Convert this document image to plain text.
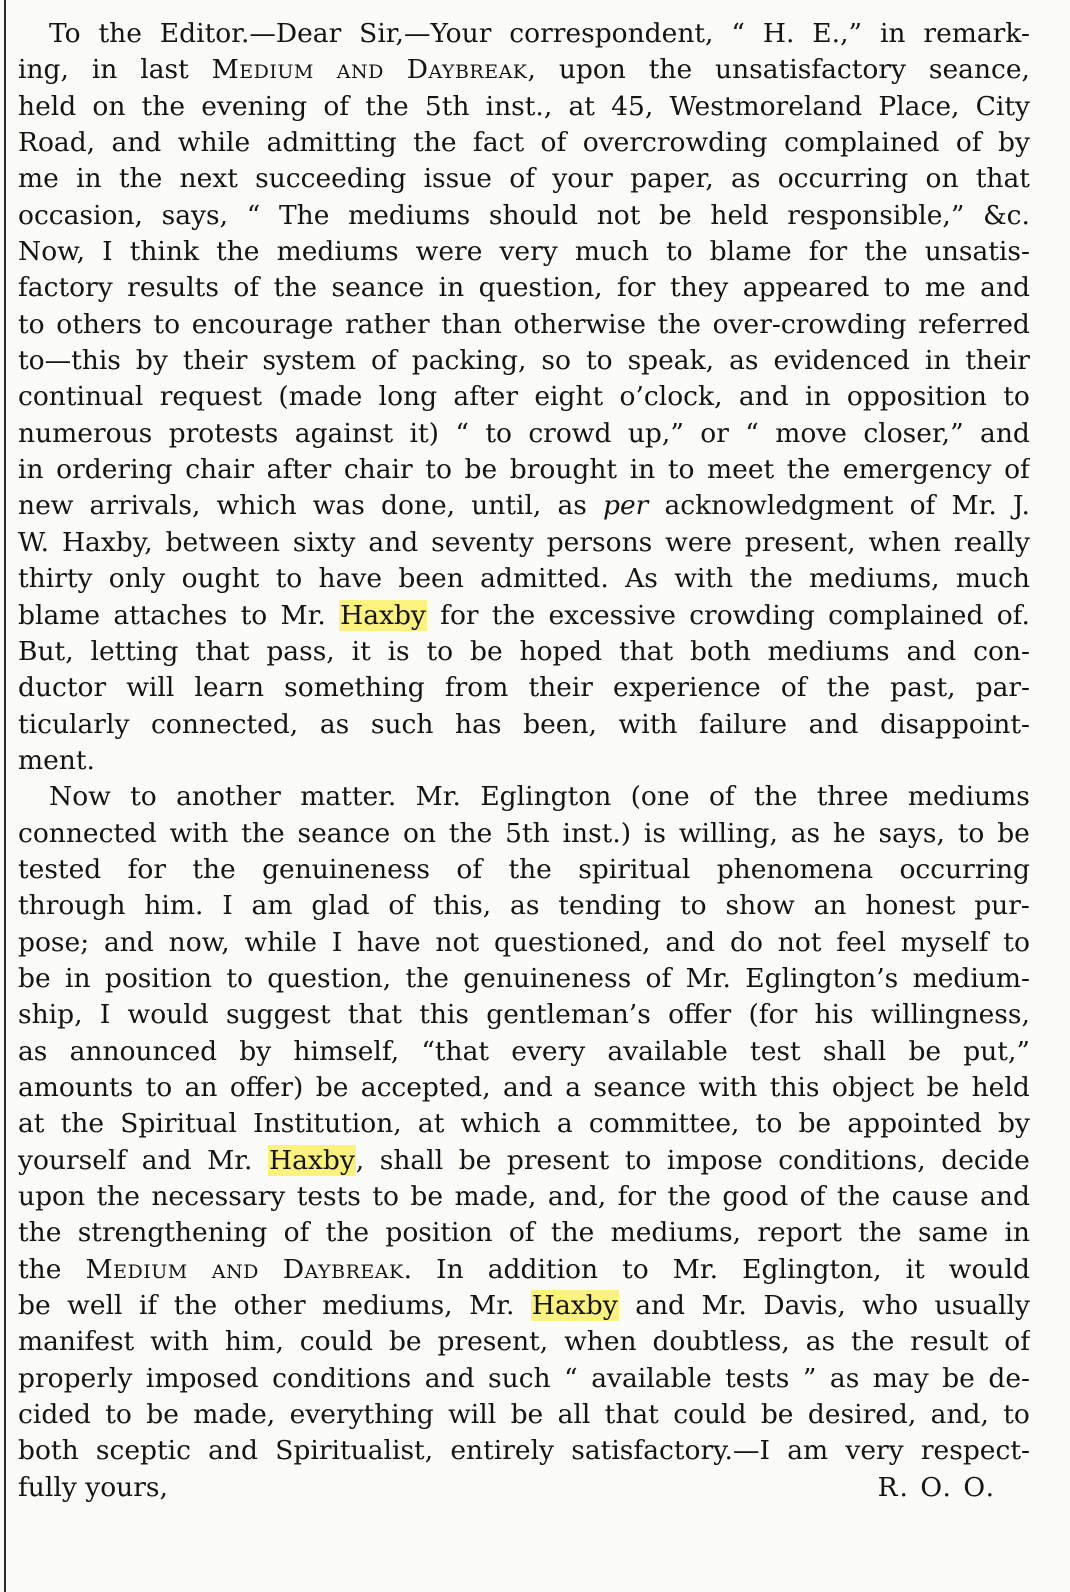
To the Editor.—Dear Sir,—Your correspondent, “ H. E.,” in remark-
ing, in last Medium and Daybreak, upon the unsatisfactory seance,
held on the evening of the 5th inst., at 45, Westmoreland Place, City
Road, and while admitting the fact of overcrowding complained of by
me in the next succeeding issue of your paper, as occurring on that
occasion, says, “ The mediums should not be held responsible,” &c.
Now, I think the mediums were very much to blame for the unsatis-
factory results of the seance in question, for they appeared to me and
to others to encourage rather than otherwise the over-crowding referred
to—this by their system of packing, so to speak, as evidenced in their
continual request (made long after eight o’clock, and in opposition to
numerous protests against it) “ to crowd up,” or “ move closer,” and
in ordering chair after chair to be brought in to meet the emergency of
new arrivals, which was done, until, as per acknowledgment of Mr. J.
W. Haxby, between sixty and seventy persons were present, when really
thirty only ought to have been admitted. As with the mediums, much
blame attaches to Mr. Haxby for the excessive crowding complained of.
But, letting that pass, it is to be hoped that both mediums and con-
ductor will learn something from their experience of the past, par-
ticularly connected, as such has been, with failure and disappoint-
ment.
Now to another matter. Mr. Eglington (one of the three mediums
connected with the seance on the 5th inst.) is willing, as he says, to be
tested for the genuineness of the spiritual phenomena occurring
through him. I am glad of this, as tending to show an honest pur-
pose; and now, while I have not questioned, and do not feel myself to
be in position to question, the genuineness of Mr. Eglington’s medium-
ship, I would suggest that this gentleman’s offer (for his willingness,
as announced by himself, “that every available test shall be put,”
amounts to an offer) be accepted, and a seance with this object be held
at the Spiritual Institution, at which a committee, to be appointed by
yourself and Mr. Haxby, shall be present to impose conditions, decide
upon the necessary tests to be made, and, for the good of the cause and
the strengthening of the position of the mediums, report the same in
the Medium and Daybreak. In addition to Mr. Eglington, it would
be well if the other mediums, Mr. Haxby and Mr. Davis, who usually
manifest with him, could be present, when doubtless, as the result of
properly imposed conditions and such “ available tests ” as may be de-
cided to be made, everything will be all that could be desired, and, to
both sceptic and Spiritualist, entirely satisfactory.—I am very respect-
fully yours,	R. O. O.
